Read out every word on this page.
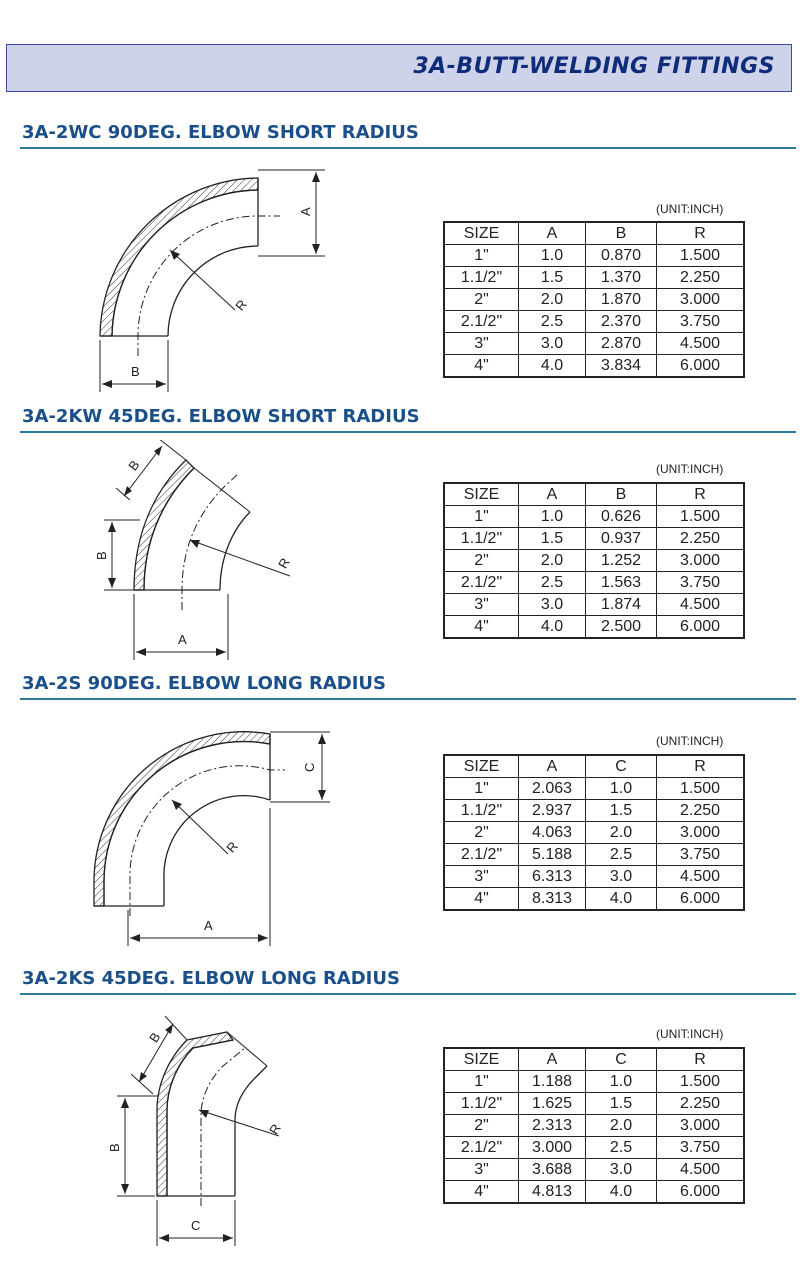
3A-BUTT-WELDING FITTINGS
3A-2WC 90DEG. ELBOW SHORT RADIUS
A
R
B
(UNIT:INCH)
SIZE	A	B	R
1"	1.0	0.870	1.500
1.1/2"	1.5	1.370	2.250
2"	2.0	1.870	3.000
2.1/2"	2.5	2.370	3.750
3"	3.0	2.870	4.500
4"	4.0	3.834	6.000
3A-2KW 45DEG. ELBOW SHORT RADIUS
B
B	R
A
(UNIT:INCH)
SIZE	A	B	R
1"	1.0	0.626	1.500
1.1/2"	1.5	0.937	2.250
2"	2.0	1.252	3.000
2.1/2"	2.5	1.563	3.750
3"	3.0	1.874	4.500
4"	4.0	2.500	6.000
3A-2S 90DEG. ELBOW LONG RADIUS
C
R
A
(UNIT:INCH)
SIZE	A	C	R
1"	2.063	1.0	1.500
1.1/2"	2.937	1.5	2.250
2"	4.063	2.0	3.000
2.1/2"	5.188	2.5	3.750
3"	6.313	3.0	4.500
4"	8.313	4.0	6.000
3A-2KS 45DEG. ELBOW LONG RADIUS
B
B
R
C
(UNIT:INCH)
SIZE	A	C	R
1"	1.188	1.0	1.500
1.1/2"	1.625	1.5	2.250
2"	2.313	2.0	3.000
2.1/2"	3.000	2.5	3.750
3"	3.688	3.0	4.500
4"	4.813	4.0	6.000
